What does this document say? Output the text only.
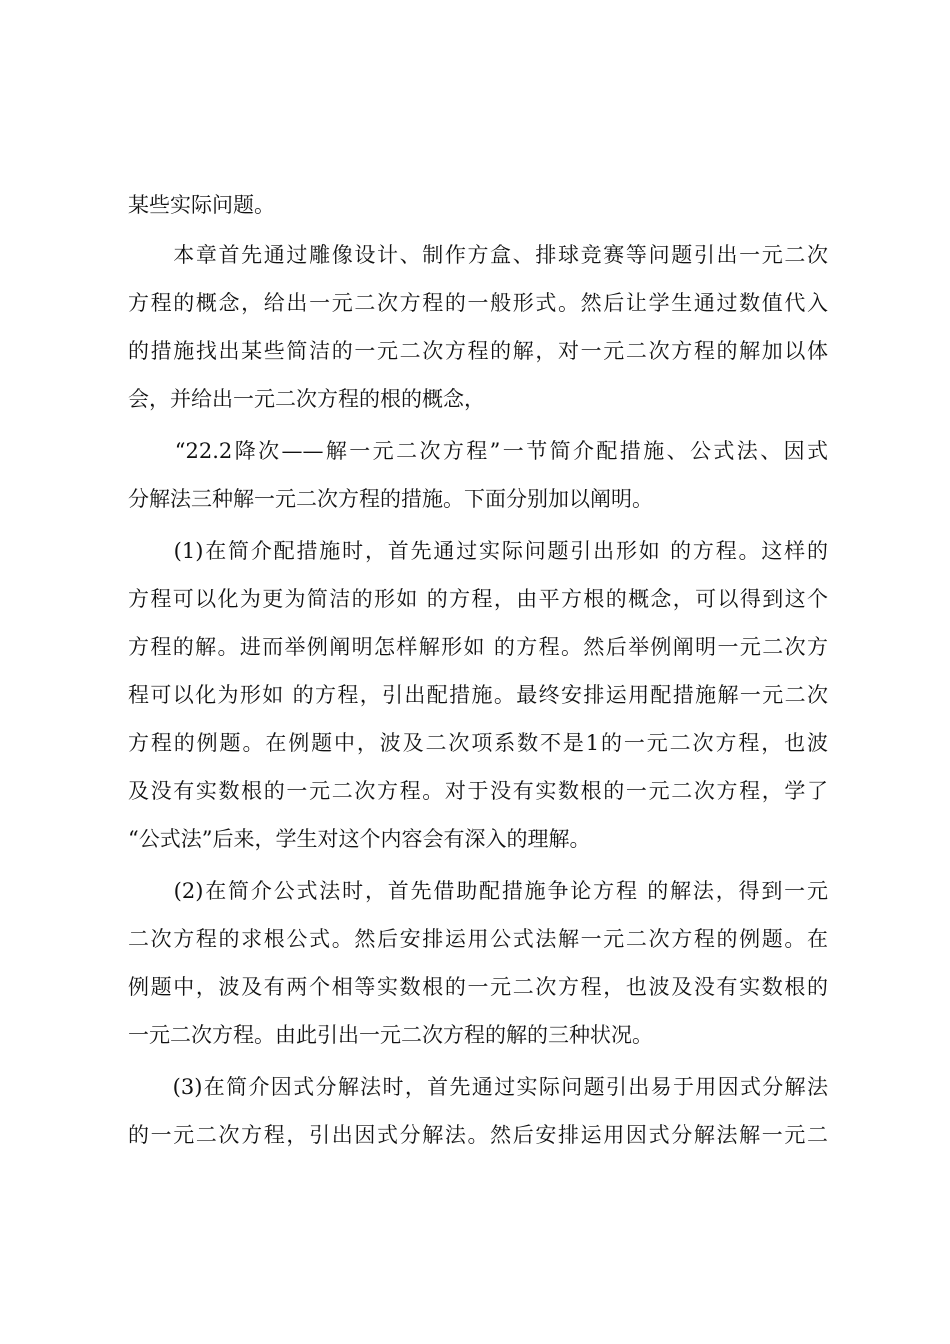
某些实际问题。
　　本章首先通过雕像设计、制作方盒、排球竞赛等问题引出一元二次
方程的概念，给出一元二次方程的一般形式。然后让学生通过数值代入
的措施找出某些简洁的一元二次方程的解，对一元二次方程的解加以体
会，并给出一元二次方程的根的概念，
　　“22.2降次——解一元二次方程”一节简介配措施、公式法、因式
分解法三种解一元二次方程的措施。下面分别加以阐明。
　　(1)在简介配措施时，首先通过实际问题引出形如 的方程。这样的
方程可以化为更为简洁的形如 的方程，由平方根的概念，可以得到这个
方程的解。进而举例阐明怎样解形如 的方程。然后举例阐明一元二次方
程可以化为形如 的方程，引出配措施。最终安排运用配措施解一元二次
方程的例题。在例题中，波及二次项系数不是1的一元二次方程，也波
及没有实数根的一元二次方程。对于没有实数根的一元二次方程，学了
“公式法”后来，学生对这个内容会有深入的理解。
　　(2)在简介公式法时，首先借助配措施争论方程 的解法，得到一元
二次方程的求根公式。然后安排运用公式法解一元二次方程的例题。在
例题中，波及有两个相等实数根的一元二次方程，也波及没有实数根的
一元二次方程。由此引出一元二次方程的解的三种状况。
　　(3)在简介因式分解法时，首先通过实际问题引出易于用因式分解法
的一元二次方程，引出因式分解法。然后安排运用因式分解法解一元二
